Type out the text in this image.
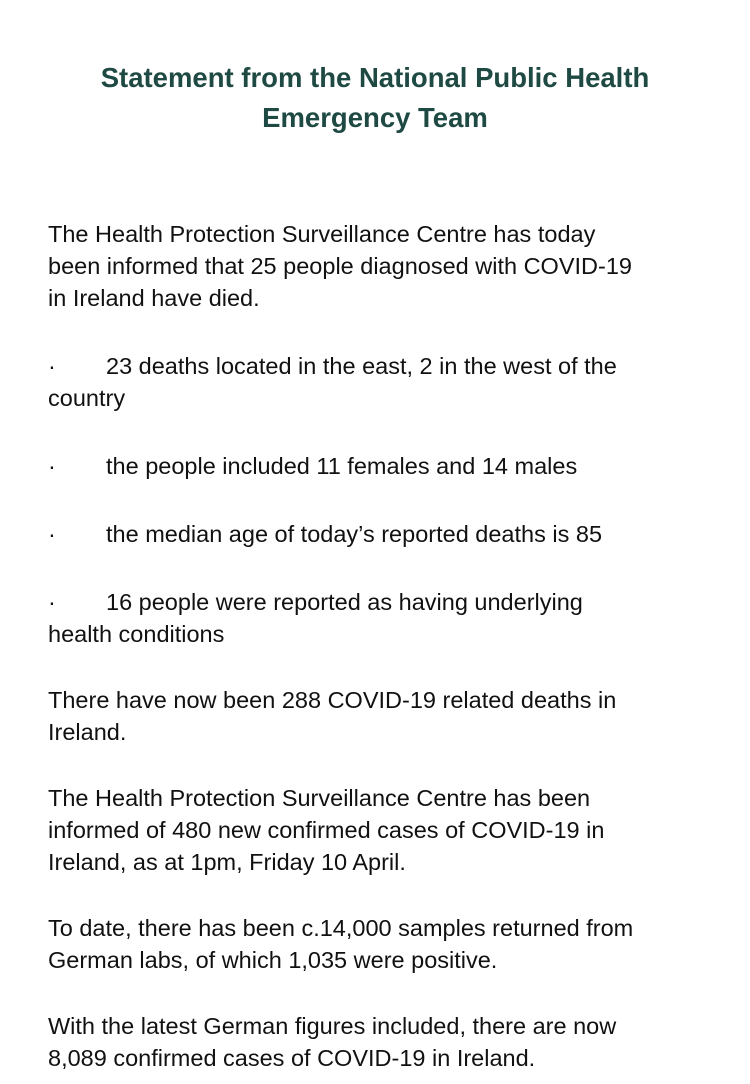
Statement from the National Public Health
Emergency Team
The Health Protection Surveillance Centre has today
been informed that 25 people diagnosed with COVID-19
in Ireland have died.
· 23 deaths located in the east, 2 in the west of the
country
· the people included 11 females and 14 males
· the median age of today’s reported deaths is 85
· 16 people were reported as having underlying
health conditions
There have now been 288 COVID-19 related deaths in
Ireland.
The Health Protection Surveillance Centre has been
informed of 480 new confirmed cases of COVID-19 in
Ireland, as at 1pm, Friday 10 April.
To date, there has been c.14,000 samples returned from
German labs, of which 1,035 were positive.
With the latest German figures included, there are now
8,089 confirmed cases of COVID-19 in Ireland.
